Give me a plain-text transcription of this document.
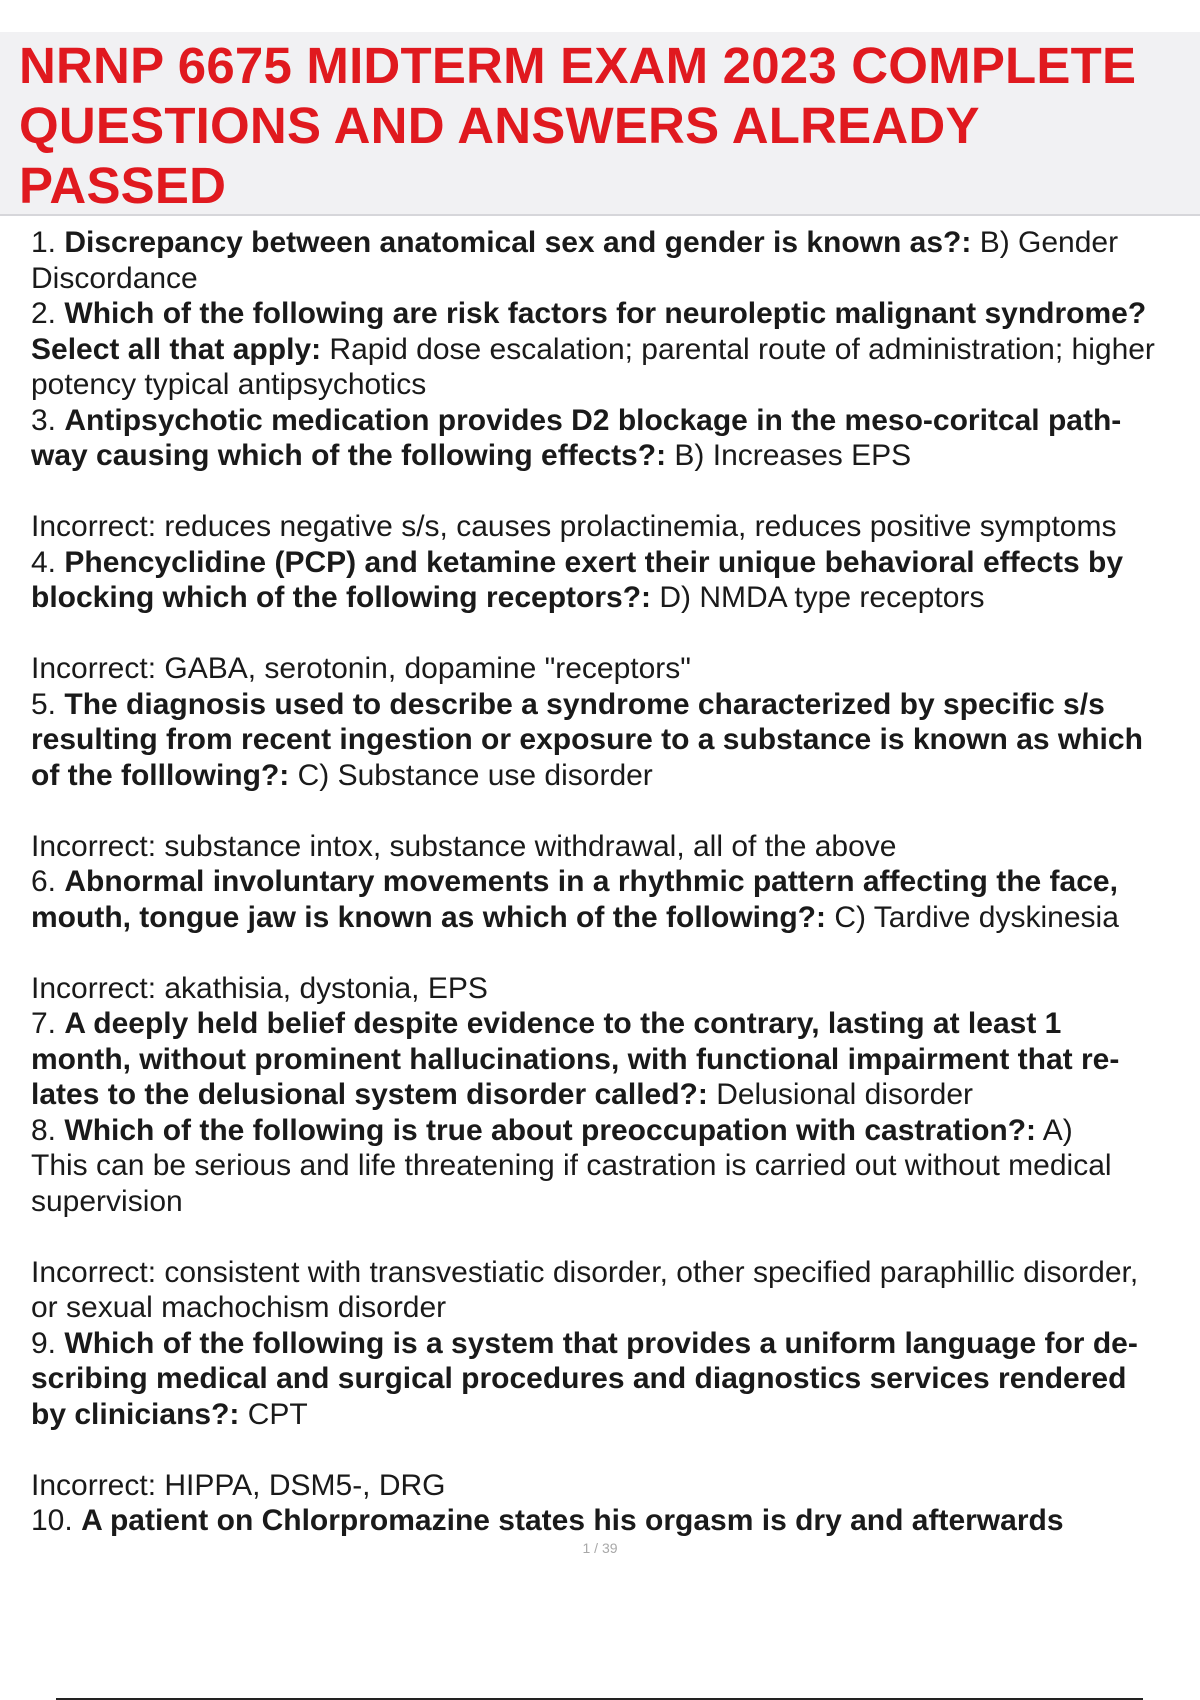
NRNP 6675 MIDTERM EXAM 2023 COMPLETE
QUESTIONS AND ANSWERS ALREADY
PASSED
1. Discrepancy between anatomical sex and gender is known as?: B) Gender
Discordance
2. Which of the following are risk factors for neuroleptic malignant syndrome?
Select all that apply: Rapid dose escalation; parental route of administration; higher
potency typical antipsychotics
3. Antipsychotic medication provides D2 blockage in the meso-coritcal path-
way causing which of the following effects?: B) Increases EPS
Incorrect: reduces negative s/s, causes prolactinemia, reduces positive symptoms
4. Phencyclidine (PCP) and ketamine exert their unique behavioral effects by
blocking which of the following receptors?: D) NMDA type receptors
Incorrect: GABA, serotonin, dopamine "receptors"
5. The diagnosis used to describe a syndrome characterized by specific s/s
resulting from recent ingestion or exposure to a substance is known as which
of the folllowing?: C) Substance use disorder
Incorrect: substance intox, substance withdrawal, all of the above
6. Abnormal involuntary movements in a rhythmic pattern affecting the face,
mouth, tongue jaw is known as which of the following?: C) Tardive dyskinesia
Incorrect: akathisia, dystonia, EPS
7. A deeply held belief despite evidence to the contrary, lasting at least 1
month, without prominent hallucinations, with functional impairment that re-
lates to the delusional system disorder called?: Delusional disorder
8. Which of the following is true about preoccupation with castration?: A)
This can be serious and life threatening if castration is carried out without medical
supervision
Incorrect: consistent with transvestiatic disorder, other specified paraphillic disorder,
or sexual machochism disorder
9. Which of the following is a system that provides a uniform language for de-
scribing medical and surgical procedures and diagnostics services rendered
by clinicians?: CPT
Incorrect: HIPPA, DSM5-, DRG
10. A patient on Chlorpromazine states his orgasm is dry and afterwards
1 / 39
